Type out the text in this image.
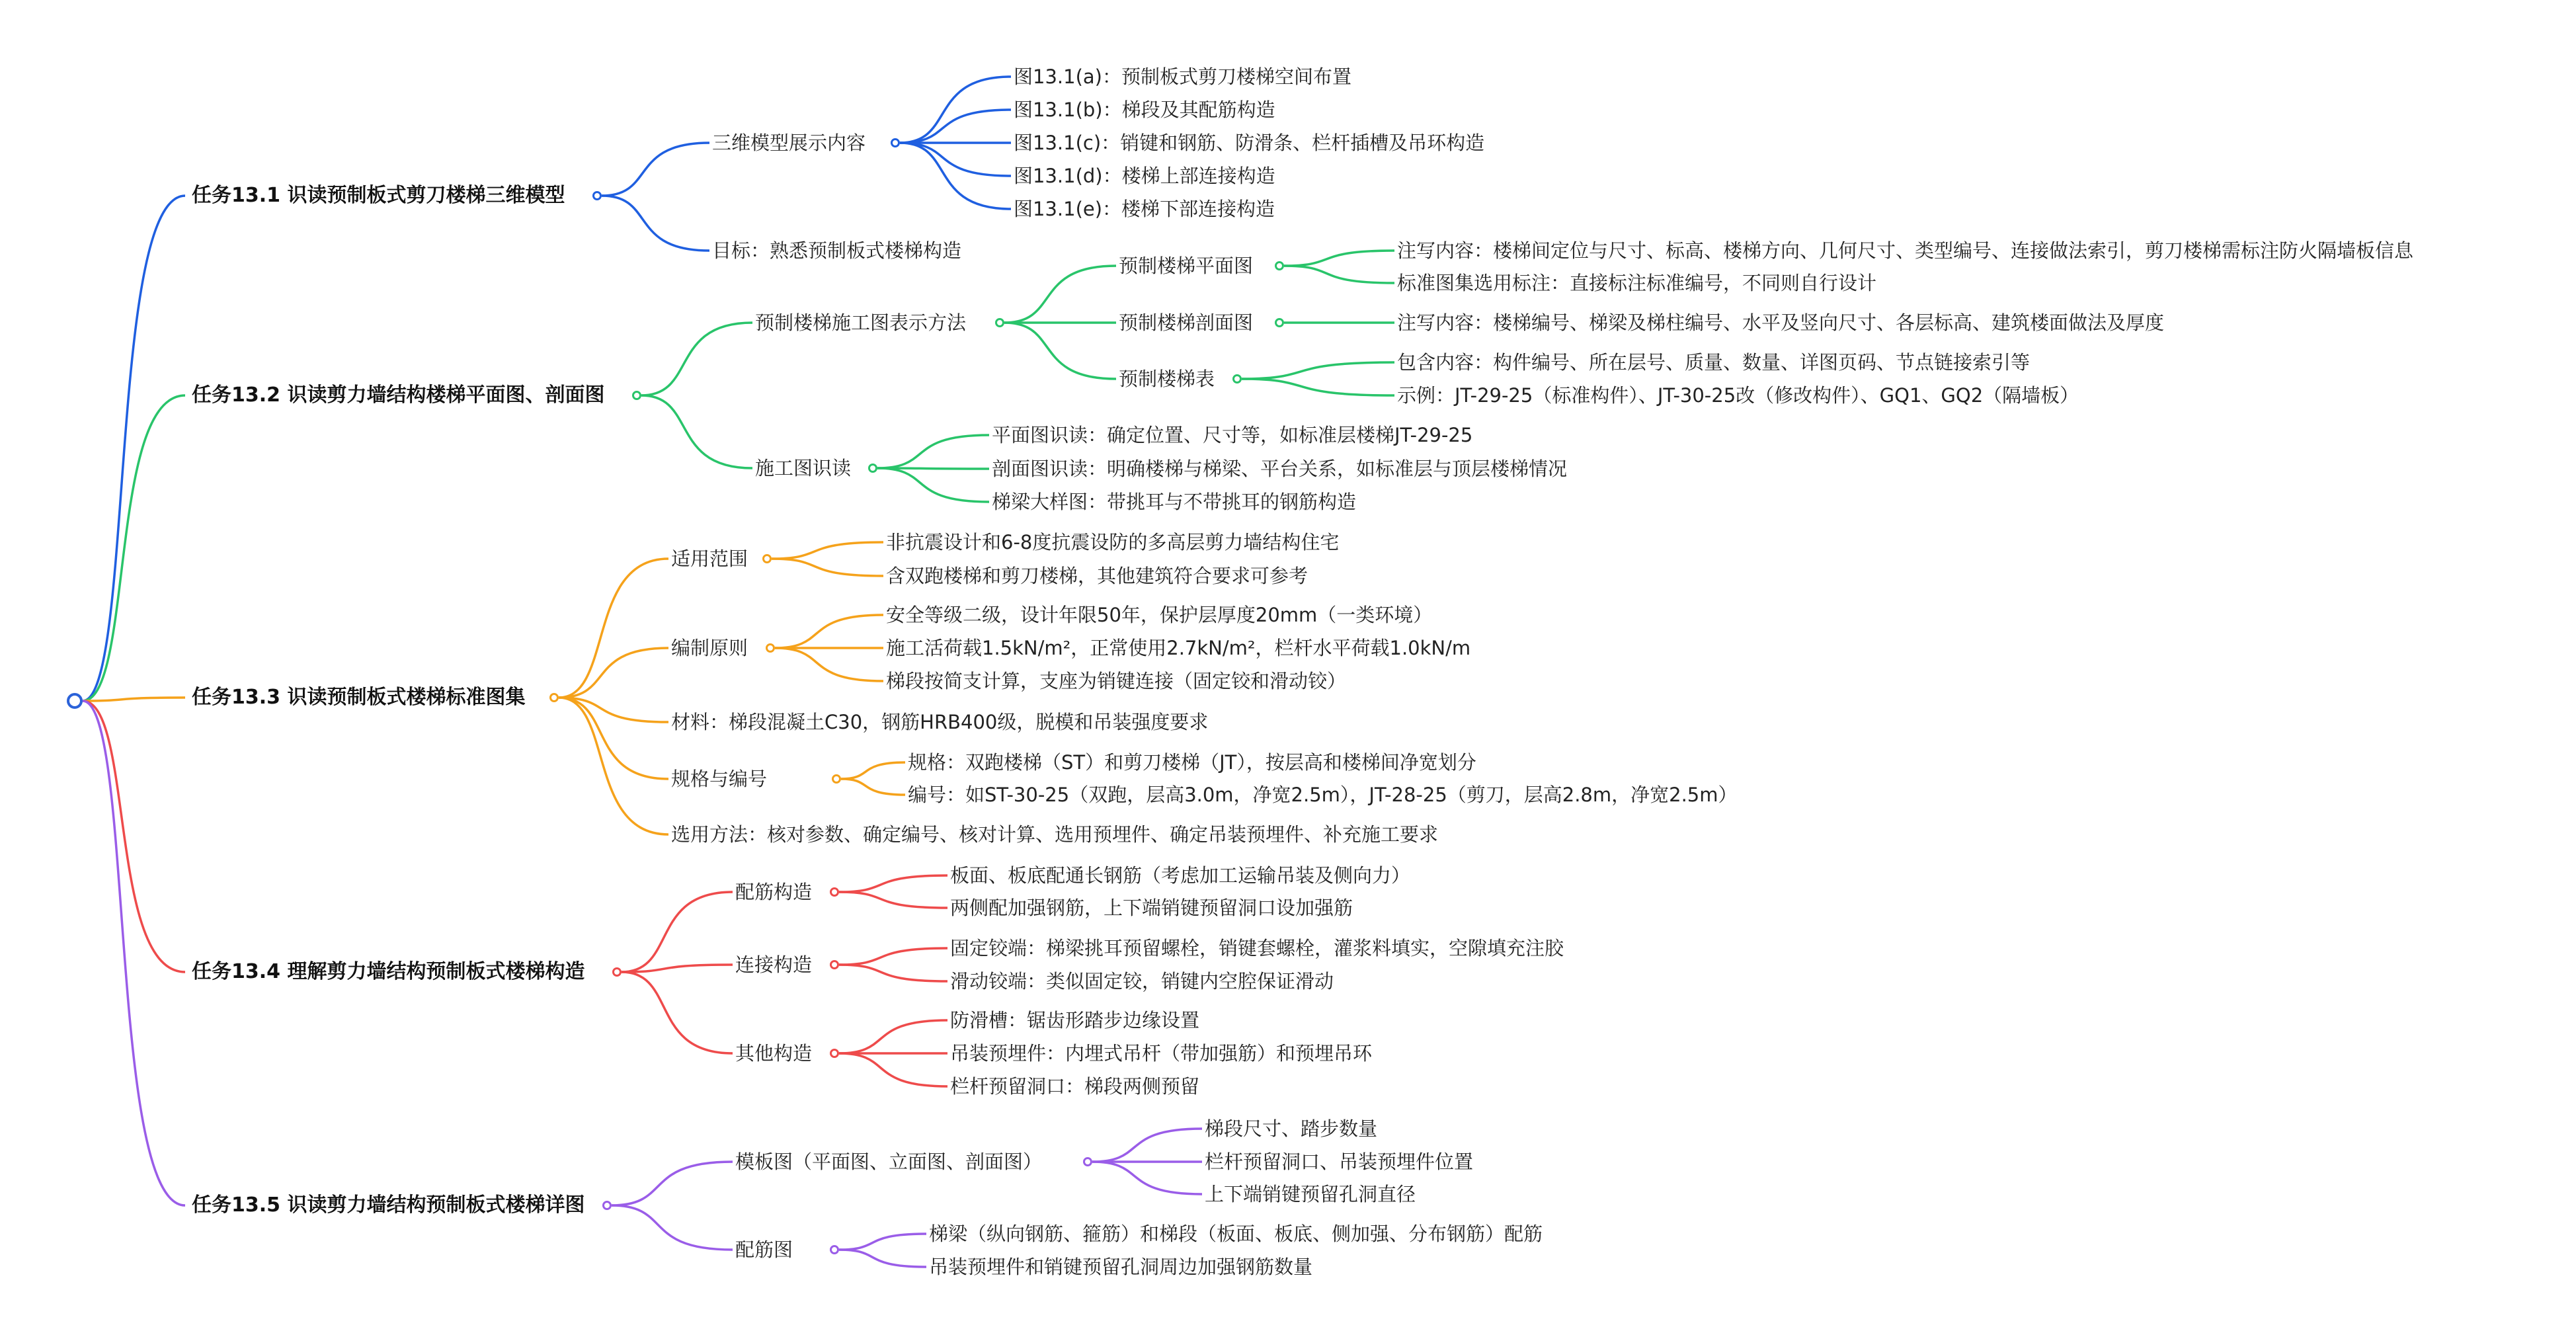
任务13.1 识读预制板式剪刀楼梯三维模型
三维模型展示内容
图13.1(a)：预制板式剪刀楼梯空间布置
图13.1(b)：梯段及其配筋构造
图13.1(c)：销键和钢筋、防滑条、栏杆插槽及吊环构造
图13.1(d)：楼梯上部连接构造
图13.1(e)：楼梯下部连接构造
目标：熟悉预制板式楼梯构造
任务13.2 识读剪力墙结构楼梯平面图、剖面图
预制楼梯施工图表示方法
预制楼梯平面图
注写内容：楼梯间定位与尺寸、标高、楼梯方向、几何尺寸、类型编号、连接做法索引，剪刀楼梯需标注防火隔墙板信息
标准图集选用标注：直接标注标准编号，不同则自行设计
预制楼梯剖面图	注写内容：楼梯编号、梯梁及梯柱编号、水平及竖向尺寸、各层标高、建筑楼面做法及厚度
预制楼梯表
包含内容：构件编号、所在层号、质量、数量、详图页码、节点链接索引等
示例：JT-29-25（标准构件）、JT-30-25改（修改构件）、GQ1、GQ2（隔墙板）
施工图识读
平面图识读：确定位置、尺寸等，如标准层楼梯JT-29-25
剖面图识读：明确楼梯与梯梁、平台关系，如标准层与顶层楼梯情况
梯梁大样图：带挑耳与不带挑耳的钢筋构造
任务13.3 识读预制板式楼梯标准图集
适用范围
非抗震设计和6-8度抗震设防的多高层剪力墙结构住宅
含双跑楼梯和剪刀楼梯，其他建筑符合要求可参考
编制原则
安全等级二级，设计年限50年，保护层厚度20mm（一类环境）
施工活荷载1.5kN/m²，正常使用2.7kN/m²，栏杆水平荷载1.0kN/m
梯段按简支计算，支座为销键连接（固定铰和滑动铰）
材料：梯段混凝土C30，钢筋HRB400级，脱模和吊装强度要求
规格与编号
规格：双跑楼梯（ST）和剪刀楼梯（JT），按层高和楼梯间净宽划分
编号：如ST-30-25（双跑，层高3.0m，净宽2.5m），JT-28-25（剪刀，层高2.8m，净宽2.5m）
选用方法：核对参数、确定编号、核对计算、选用预埋件、确定吊装预埋件、补充施工要求
任务13.4 理解剪力墙结构预制板式楼梯构造
配筋构造
板面、板底配通长钢筋（考虑加工运输吊装及侧向力）
两侧配加强钢筋，上下端销键预留洞口设加强筋
连接构造
固定铰端：梯梁挑耳预留螺栓，销键套螺栓，灌浆料填实，空隙填充注胶
滑动铰端：类似固定铰，销键内空腔保证滑动
其他构造
防滑槽：锯齿形踏步边缘设置
吊装预埋件：内埋式吊杆（带加强筋）和预埋吊环
栏杆预留洞口：梯段两侧预留
任务13.5 识读剪力墙结构预制板式楼梯详图
模板图（平面图、立面图、剖面图）
梯段尺寸、踏步数量
栏杆预留洞口、吊装预埋件位置
上下端销键预留孔洞直径
配筋图
梯梁（纵向钢筋、箍筋）和梯段（板面、板底、侧加强、分布钢筋）配筋
吊装预埋件和销键预留孔洞周边加强钢筋数量
